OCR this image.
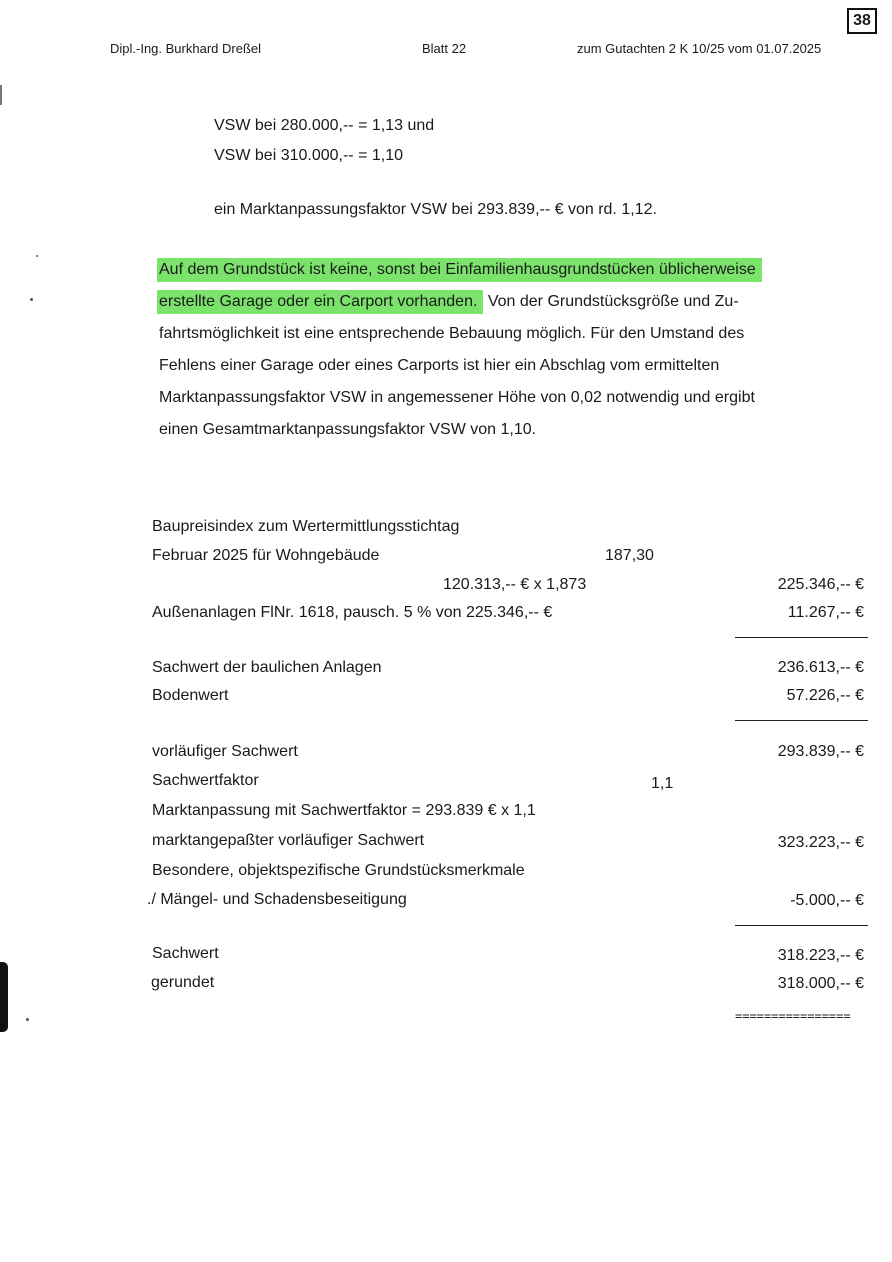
Dipl.-Ing. Burkhard Dreßel	Blatt 22	zum Gutachten 2 K 10/25 vom 01.07.2025
38
VSW bei 280.000,-- = 1,13 und
VSW bei 310.000,-- = 1,10
ein Marktanpassungsfaktor VSW bei 293.839,-- € von rd. 1,12.
Auf dem Grundstück ist keine, sonst bei Einfamilienhausgrundstücken üblicherweise
erstellte Garage oder ein Carport vorhanden. Von der Grundstücksgröße und Zu-
fahrtsmöglichkeit ist eine entsprechende Bebauung möglich. Für den Umstand des
Fehlens einer Garage oder eines Carports ist hier ein Abschlag vom ermittelten
Marktanpassungsfaktor VSW in angemessener Höhe von 0,02 notwendig und ergibt
einen Gesamtmarktanpassungsfaktor VSW von 1,10.
Baupreisindex zum Wertermittlungsstichtag
Februar 2025 für Wohngebäude	187,30
120.313,-- € x 1,873	225.346,-- €
Außenanlagen FlNr. 1618, pausch. 5 % von 225.346,-- €	11.267,-- €
Sachwert der baulichen Anlagen	236.613,-- €
Bodenwert	57.226,-- €
vorläufiger Sachwert	293.839,-- €
Sachwertfaktor	1,1
Marktanpassung mit Sachwertfaktor = 293.839 € x 1,1
marktangepaßter vorläufiger Sachwert	323.223,-- €
Besondere, objektspezifische Grundstücksmerkmale
./ Mängel- und Schadensbeseitigung	-5.000,-- €
Sachwert	318.223,-- €
gerundet	318.000,-- €
================
